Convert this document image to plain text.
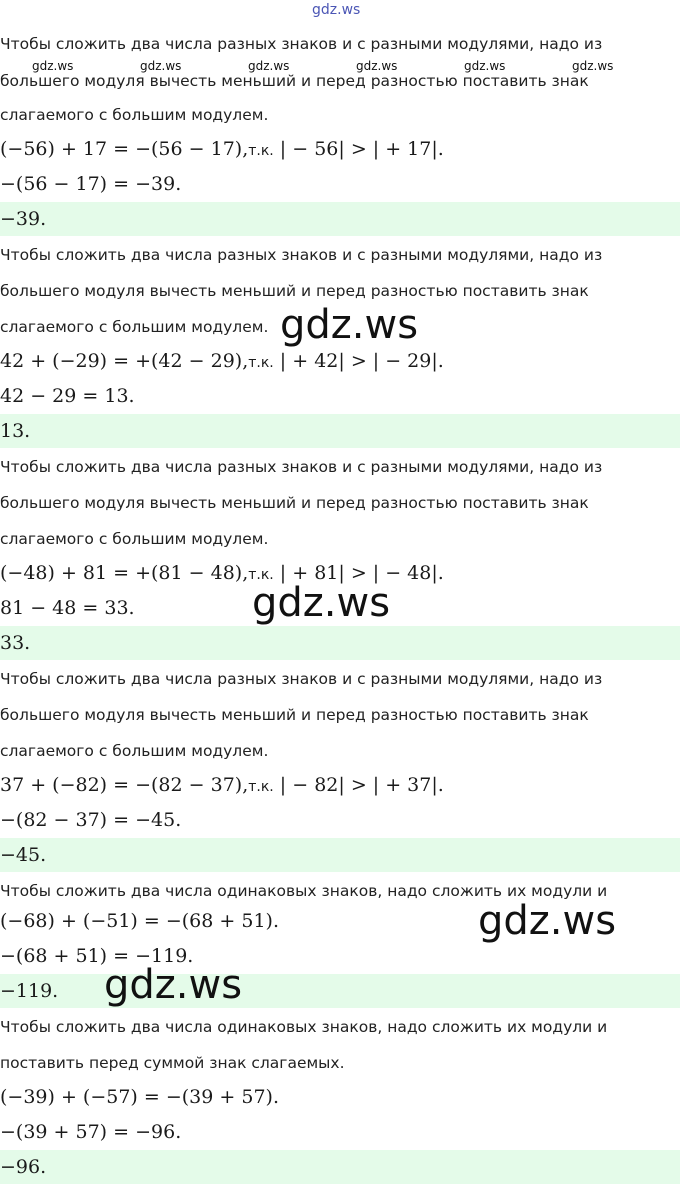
gdz.ws
gdz.ws	gdz.ws	gdz.ws	gdz.ws	gdz.ws	gdz.ws
Чтобы сложить два числа разных знаков и с разными модулями, надо из
большего модуля вычесть меньший и перед разностью поставить знак
слагаемого с большим модулем.
(−56) + 17 = −(56 − 17),т.к. | − 56| > | + 17|.
−(56 − 17) = −39.
−39.
Чтобы сложить два числа разных знаков и с разными модулями, надо из
большего модуля вычесть меньший и перед разностью поставить знак
слагаемого с большим модулем.
42 + (−29) = +(42 − 29),т.к. | + 42| > | − 29|.
42 − 29 = 13.
13.
Чтобы сложить два числа разных знаков и с разными модулями, надо из
большего модуля вычесть меньший и перед разностью поставить знак
слагаемого с большим модулем.
(−48) + 81 = +(81 − 48),т.к. | + 81| > | − 48|.
81 − 48 = 33.
33.
Чтобы сложить два числа разных знаков и с разными модулями, надо из
большего модуля вычесть меньший и перед разностью поставить знак
слагаемого с большим модулем.
37 + (−82) = −(82 − 37),т.к. | − 82| > | + 37|.
−(82 − 37) = −45.
−45.
Чтобы сложить два числа одинаковых знаков, надо сложить их модули и
(−68) + (−51) = −(68 + 51).
−(68 + 51) = −119.
−119.
Чтобы сложить два числа одинаковых знаков, надо сложить их модули и
поставить перед суммой знак слагаемых.
(−39) + (−57) = −(39 + 57).
−(39 + 57) = −96.
−96.
gdz.ws
gdz.ws
gdz.ws
gdz.ws
